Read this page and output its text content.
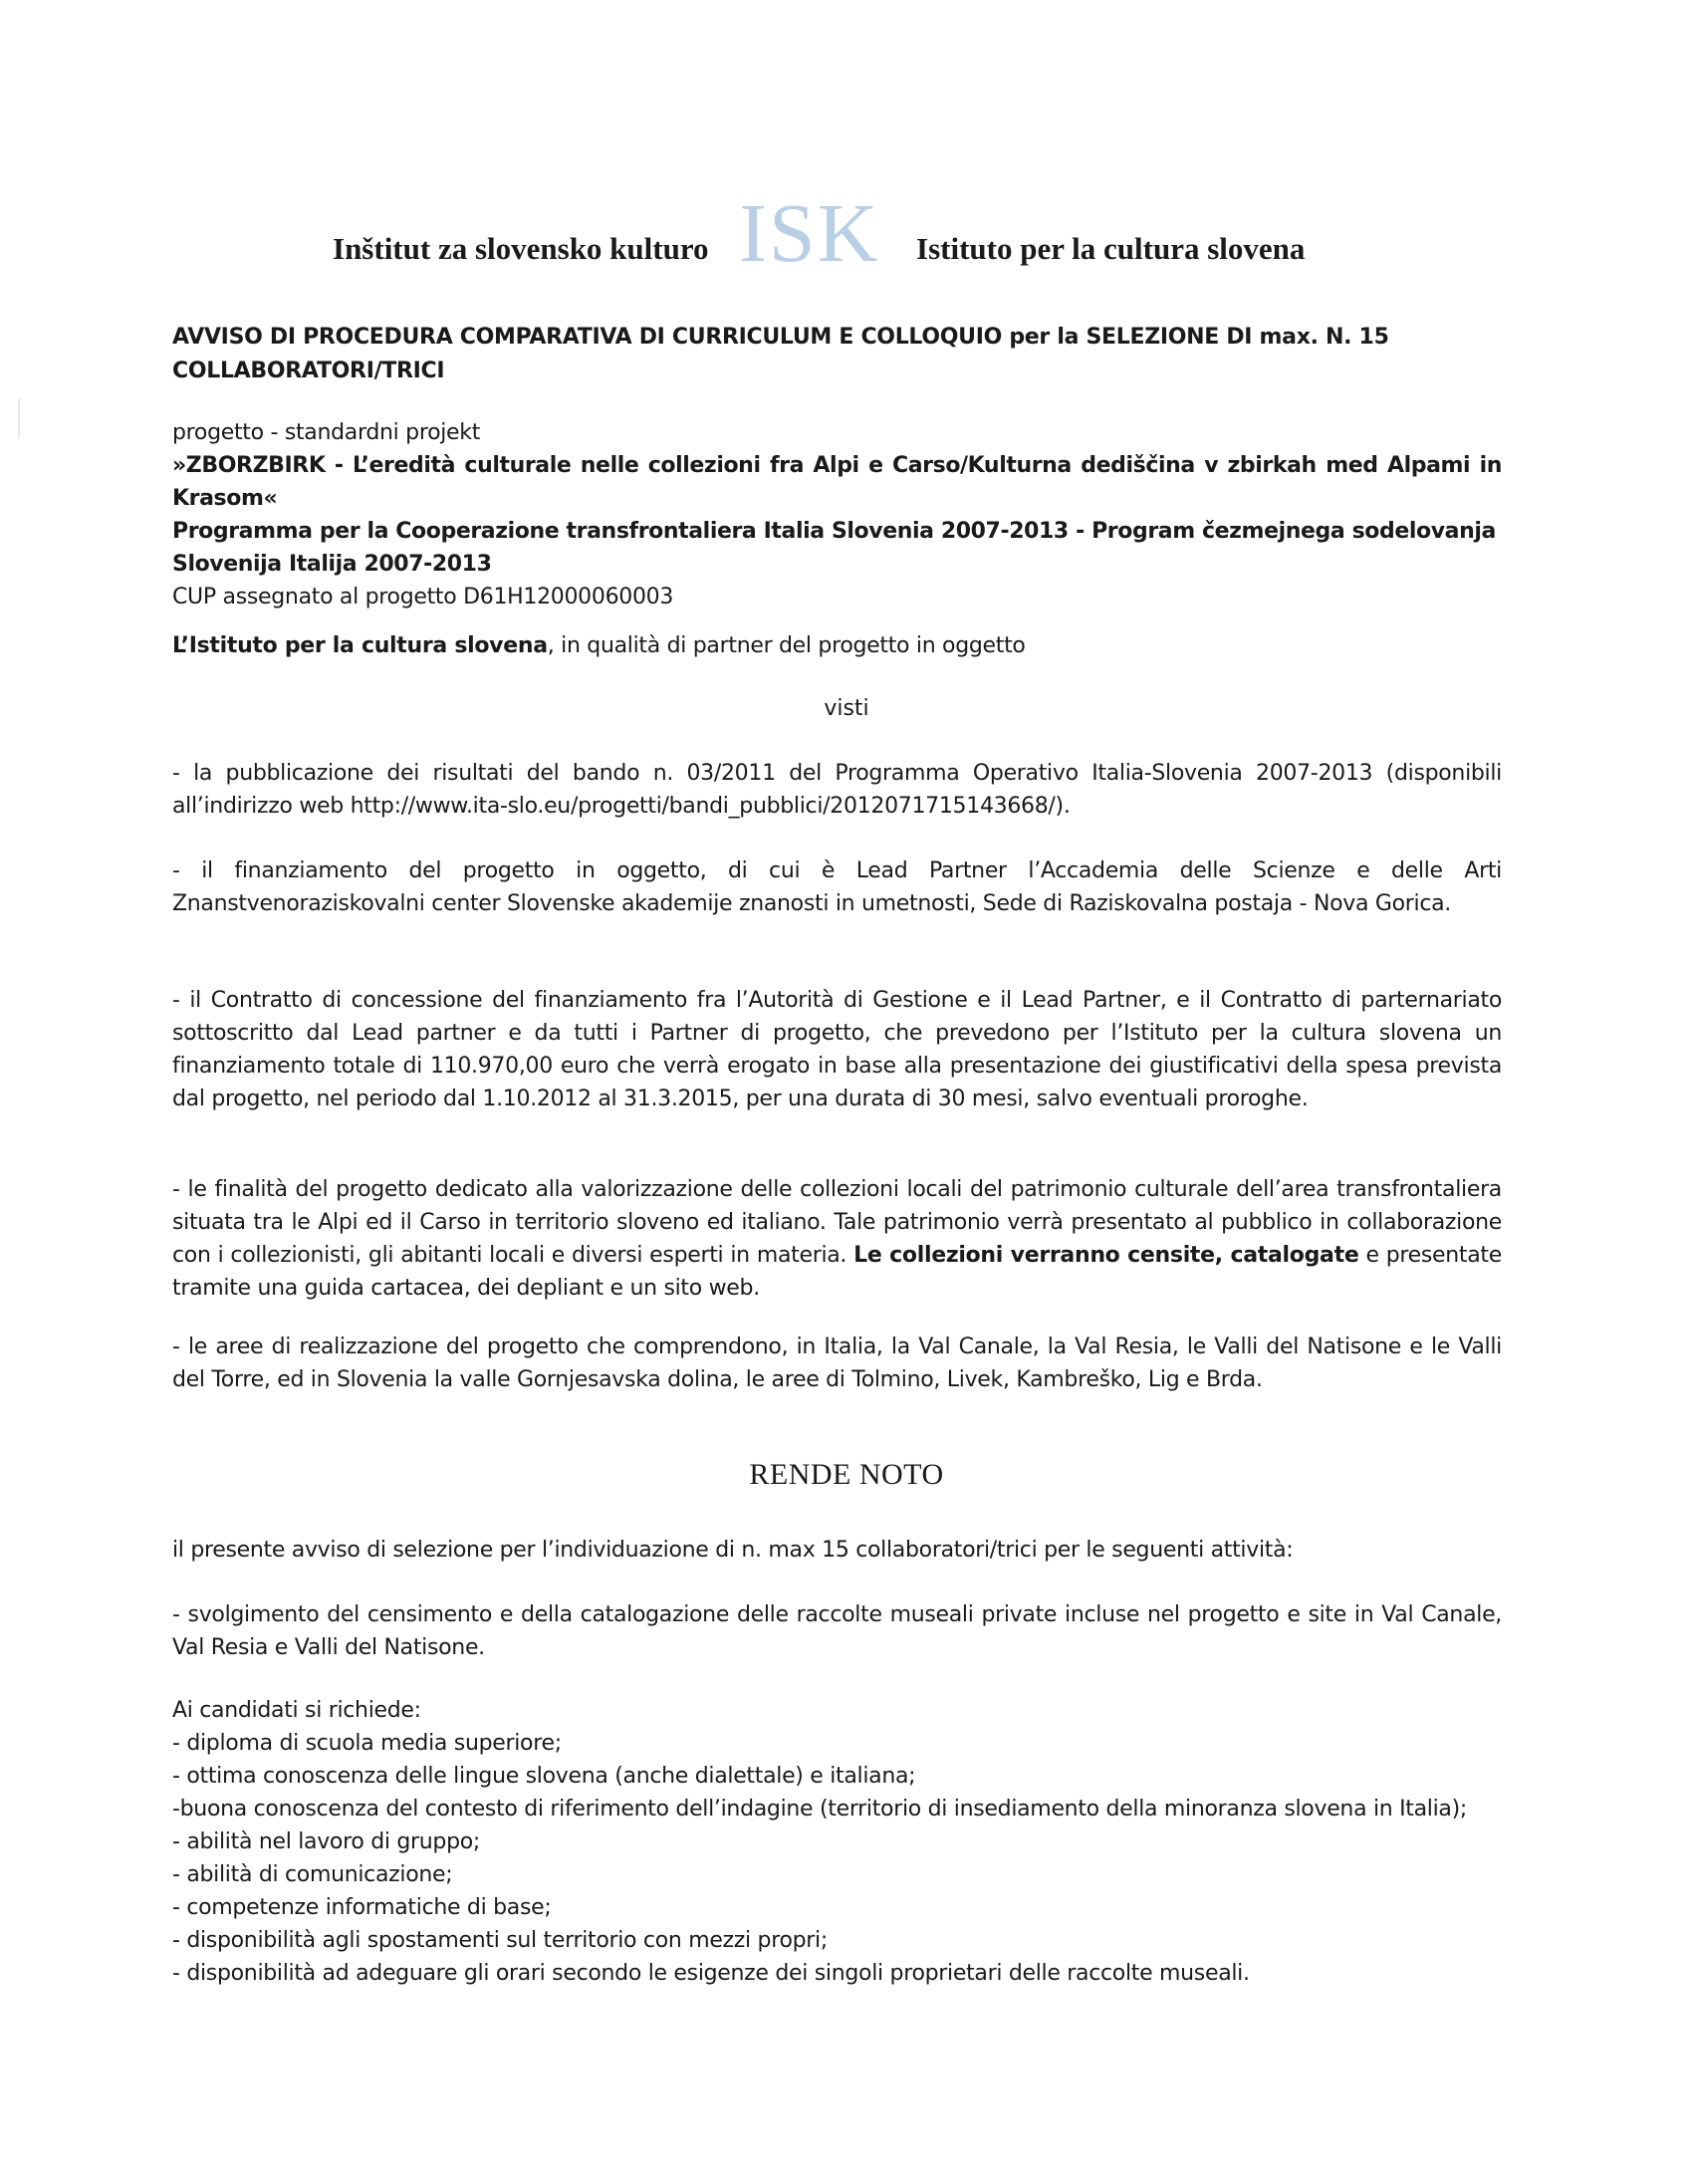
Inštitut za slovensko kulturo ISK Istituto per la cultura slovena
AVVISO DI PROCEDURA COMPARATIVA DI CURRICULUM E COLLOQUIO per la SELEZIONE DI max. N. 15 COLLABORATORI/TRICI
progetto - standardni projekt
»ZBORZBIRK - L’eredità culturale nelle collezioni fra Alpi e Carso/Kulturna dediščina v zbirkah med Alpami in Krasom«
Programma per la Cooperazione transfrontaliera Italia Slovenia 2007-2013 - Program čezmejnega sodelovanja Slovenija Italija 2007-2013
CUP assegnato al progetto D61H12000060003
L’Istituto per la cultura slovena, in qualità di partner del progetto in oggetto
visti
- la pubblicazione dei risultati del bando n. 03/2011 del Programma Operativo Italia-Slovenia 2007-2013 (disponibili all’indirizzo web http://www.ita-slo.eu/progetti/bandi_pubblici/2012071715143668/).
- il finanziamento del progetto in oggetto, di cui è Lead Partner l’Accademia delle Scienze e delle Arti Znanstvenoraziskovalni center Slovenske akademije znanosti in umetnosti, Sede di Raziskovalna postaja - Nova Gorica.
- il Contratto di concessione del finanziamento fra l’Autorità di Gestione e il Lead Partner, e il Contratto di parternariato sottoscritto dal Lead partner e da tutti i Partner di progetto, che prevedono per l’Istituto per la cultura slovena un finanziamento totale di 110.970,00 euro che verrà erogato in base alla presentazione dei giustificativi della spesa prevista dal progetto, nel periodo dal 1.10.2012 al 31.3.2015, per una durata di 30 mesi, salvo eventuali proroghe.
- le finalità del progetto dedicato alla valorizzazione delle collezioni locali del patrimonio culturale dell’area transfrontaliera situata tra le Alpi ed il Carso in territorio sloveno ed italiano. Tale patrimonio verrà presentato al pubblico in collaborazione con i collezionisti, gli abitanti locali e diversi esperti in materia. Le collezioni verranno censite, catalogate e presentate tramite una guida cartacea, dei depliant e un sito web.
- le aree di realizzazione del progetto che comprendono, in Italia, la Val Canale, la Val Resia, le Valli del Natisone e le Valli del Torre, ed in Slovenia la valle Gornjesavska dolina, le aree di Tolmino, Livek, Kambreško, Lig e Brda.
RENDE NOTO
il presente avviso di selezione per l’individuazione di n. max 15 collaboratori/trici per le seguenti attività:
- svolgimento del censimento e della catalogazione delle raccolte museali private incluse nel progetto e site in Val Canale, Val Resia e Valli del Natisone.
Ai candidati si richiede:
- diploma di scuola media superiore;
- ottima conoscenza delle lingue slovena (anche dialettale) e italiana;
-buona conoscenza del contesto di riferimento dell’indagine (territorio di insediamento della minoranza slovena in Italia);
- abilità nel lavoro di gruppo;
- abilità di comunicazione;
- competenze informatiche di base;
- disponibilità agli spostamenti sul territorio con mezzi propri;
- disponibilità ad adeguare gli orari secondo le esigenze dei singoli proprietari delle raccolte museali.
